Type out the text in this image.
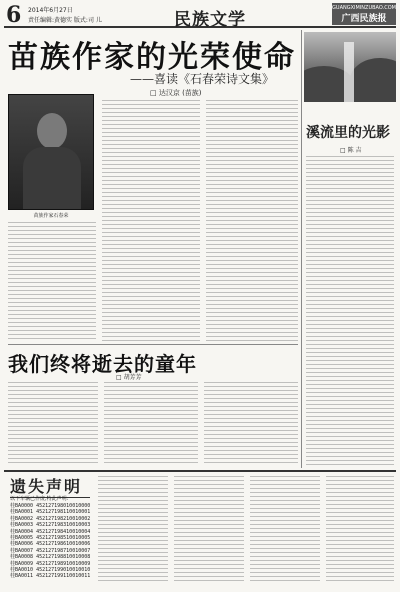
6 2014年6月27日
责任编辑:黄德实 版式:司 儿	民族文学
GUANGXIMINZUBAO.COM
广西民族报
苗族作家的光荣使命
——喜读《石春荣诗文集》
□ 达汉京 (苗族)
苗族作家石春荣
我们终将逝去的童年
□ 胡芳芳
溪流里的光影
□ 陈 吉
遗失声明
以下车辆已作废,特此声明:
桂BA0000 452127198010010000
桂BA0001 452127198110010001
桂BA0002 452127198210010002
桂BA0003 452127198310010003
桂BA0004 452127198410010004
桂BA0005 452127198510010005
桂BA0006 452127198610010006
桂BA0007 452127198710010007
桂BA0008 452127198810010008
桂BA0009 452127198910010009
桂BA0010 452127199010010010
桂BA0011 452127199110010011
